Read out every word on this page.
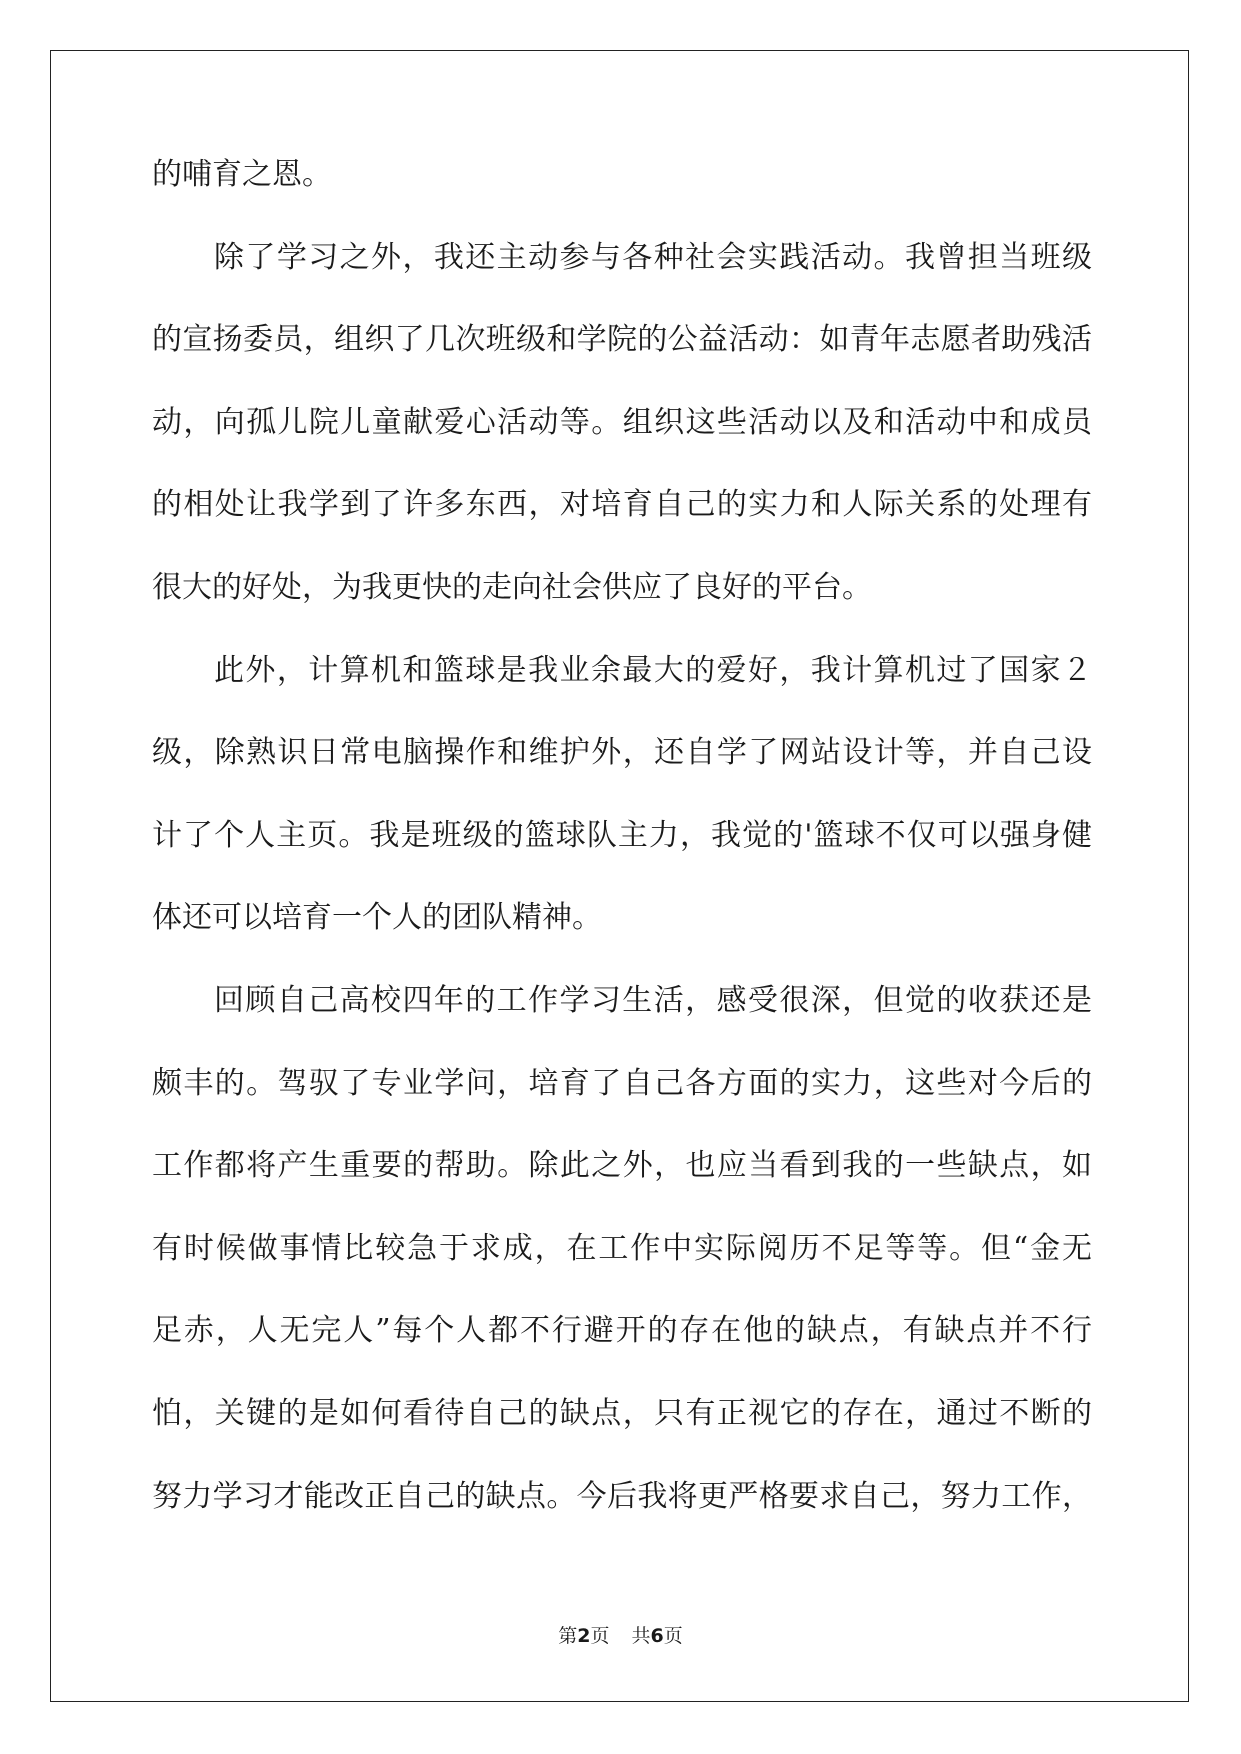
的哺育之恩。
除了学习之外，我还主动参与各种社会实践活动。我曾担当班级
的宣扬委员，组织了几次班级和学院的公益活动：如青年志愿者助残活
动，向孤儿院儿童献爱心活动等。组织这些活动以及和活动中和成员
的相处让我学到了许多东西，对培育自己的实力和人际关系的处理有
很大的好处，为我更快的走向社会供应了良好的平台。
此外，计算机和篮球是我业余最大的爱好，我计算机过了国家２
级，除熟识日常电脑操作和维护外，还自学了网站设计等，并自己设
计了个人主页。我是班级的篮球队主力，我觉的'篮球不仅可以强身健
体还可以培育一个人的团队精神。
回顾自己高校四年的工作学习生活，感受很深，但觉的收获还是
颇丰的。驾驭了专业学问，培育了自己各方面的实力，这些对今后的
工作都将产生重要的帮助。除此之外，也应当看到我的一些缺点，如
有时候做事情比较急于求成，在工作中实际阅历不足等等。但“金无
足赤，人无完人”每个人都不行避开的存在他的缺点，有缺点并不行
怕，关键的是如何看待自己的缺点，只有正视它的存在，通过不断的
努力学习才能改正自己的缺点。今后我将更严格要求自己，努力工作，
第2页 共6页
